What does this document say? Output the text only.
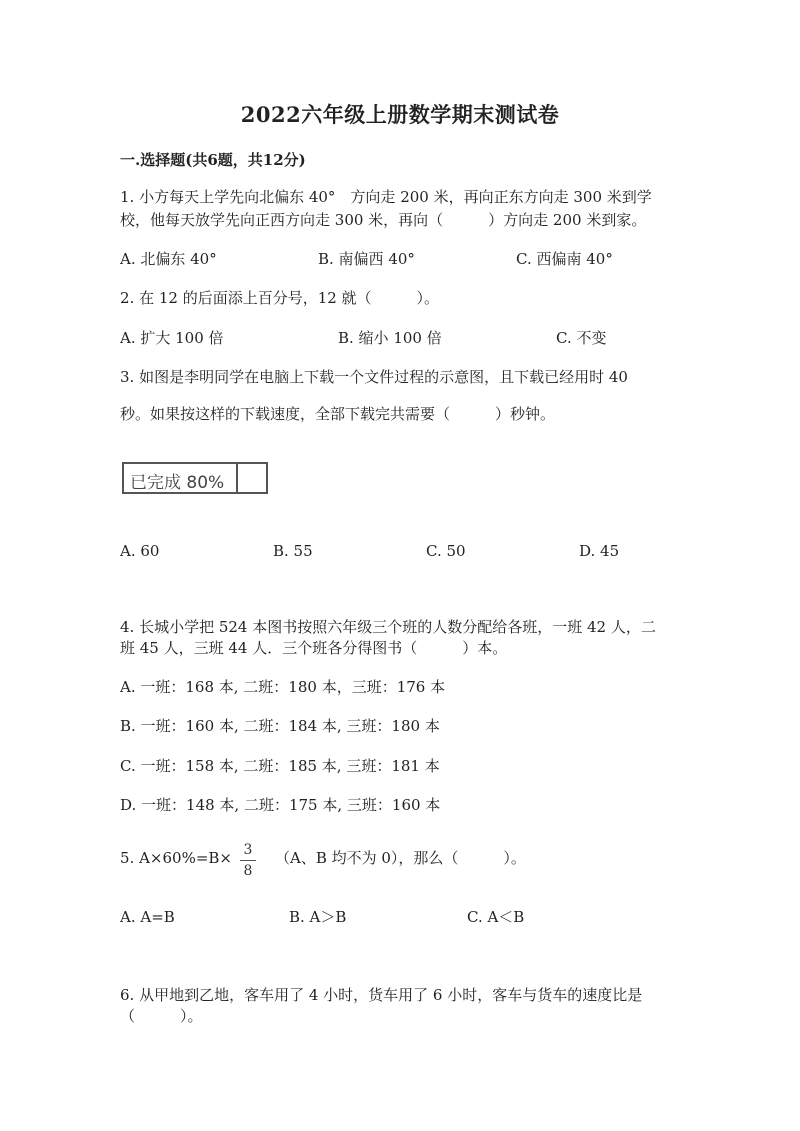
2022六年级上册数学期末测试卷
一.选择题(共6题，共12分)
1. 小方每天上学先向北偏东 40°　方向走 200 米，再向正东方向走 300 米到学
校，他每天放学先向正西方向走 300 米，再向（　　　）方向走 200 米到家。
A. 北偏东 40°	B. 南偏西 40°	C. 西偏南 40°
2. 在 12 的后面添上百分号，12 就（　　　）。
A. 扩大 100 倍	B. 缩小 100 倍	C. 不变
3. 如图是李明同学在电脑上下载一个文件过程的示意图，且下载已经用时 40
秒。如果按这样的下载速度，全部下载完共需要（　　　）秒钟。
已完成 80%
A. 60	B. 55	C. 50	D. 45
4. 长城小学把 524 本图书按照六年级三个班的人数分配给各班，一班 42 人，二
班 45 人，三班 44 人．三个班各分得图书（　　　）本。
A. 一班：168 本, 二班：180 本，三班：176 本
B. 一班：160 本, 二班：184 本, 三班：180 本
C. 一班：158 本, 二班：185 本, 三班：181 本
D. 一班：148 本, 二班：175 本, 三班：160 本
5. A×60%=B× 3
8
（A、B 均不为 0），那么（　　　）。
A. A=B	B. A＞B	C. A＜B
6. 从甲地到乙地，客车用了 4 小时，货车用了 6 小时，客车与货车的速度比是
（　　　）。
